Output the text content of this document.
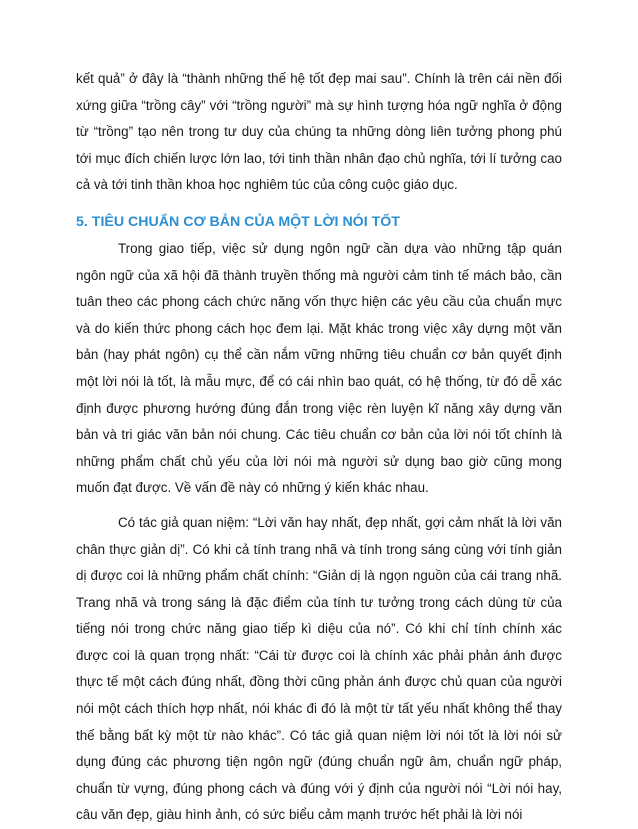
kết quả” ở đây là “thành những thế hệ tốt đẹp mai sau”. Chính là trên cái nền đối xứng giữa “trồng cây” với “trồng người” mà sự hình tượng hóa ngữ nghĩa ở động từ “trồng” tạo nên trong tư duy của chúng ta những dòng liên tưởng phong phú tới mục đích chiến lược lớn lao, tới tinh thần nhân đạo chủ nghĩa, tới lí tưởng cao cả và tới tinh thần khoa học nghiêm túc của công cuộc giáo dục.

5. TIÊU CHUẨN CƠ BẢN CỦA MỘT LỜI NÓI TỐT

Trong giao tiếp, việc sử dụng ngôn ngữ cần dựa vào những tập quán ngôn ngữ của xã hội đã thành truyền thống mà người cảm tinh tế mách bảo, cần tuân theo các phong cách chức năng vốn thực hiện các yêu cầu của chuẩn mực và do kiến thức phong cách học đem lại. Mặt khác trong việc xây dựng một văn bản (hay phát ngôn) cụ thể cần nắm vững những tiêu chuẩn cơ bản quyết định một lời nói là tốt, là mẫu mực, để có cái nhìn bao quát, có hệ thống, từ đó dễ xác định được phương hướng đúng đắn trong việc rèn luyện kĩ năng xây dựng văn bản và tri giác văn bản nói chung. Các tiêu chuẩn cơ bản của lời nói tốt chính là những phẩm chất chủ yếu của lời nói mà người sử dụng bao giờ cũng mong muốn đạt được. Về vấn đề này có những ý kiến khác nhau.

Có tác giả quan niệm: “Lời văn hay nhất, đẹp nhất, gợi cảm nhất là lời văn chân thực giản dị”. Có khi cả tính trang nhã và tính trong sáng cùng với tính giản dị được coi là những phẩm chất chính: “Giản dị là ngọn nguồn của cái trang nhã. Trang nhã và trong sáng là đặc điểm của tính tư tưởng trong cách dùng từ của tiếng nói trong chức năng giao tiếp kì diệu của nó”. Có khi chỉ tính chính xác được coi là quan trọng nhất: “Cái từ được coi là chính xác phải phản ánh được thực tế một cách đúng nhất, đồng thời cũng phản ánh được chủ quan của người nói một cách thích hợp nhất, nói khác đi đó là một từ tất yếu nhất không thể thay thế bằng bất kỳ một từ nào khác”. Có tác giả quan niệm lời nói tốt là lời nói sử dụng đúng các phương tiện ngôn ngữ (đúng chuẩn ngữ âm, chuẩn ngữ pháp, chuẩn từ vựng, đúng phong cách và đúng với ý định của người nói “Lời nói hay, câu văn đẹp, giàu hình ảnh, có sức biểu cảm mạnh trước hết phải là lời nói
